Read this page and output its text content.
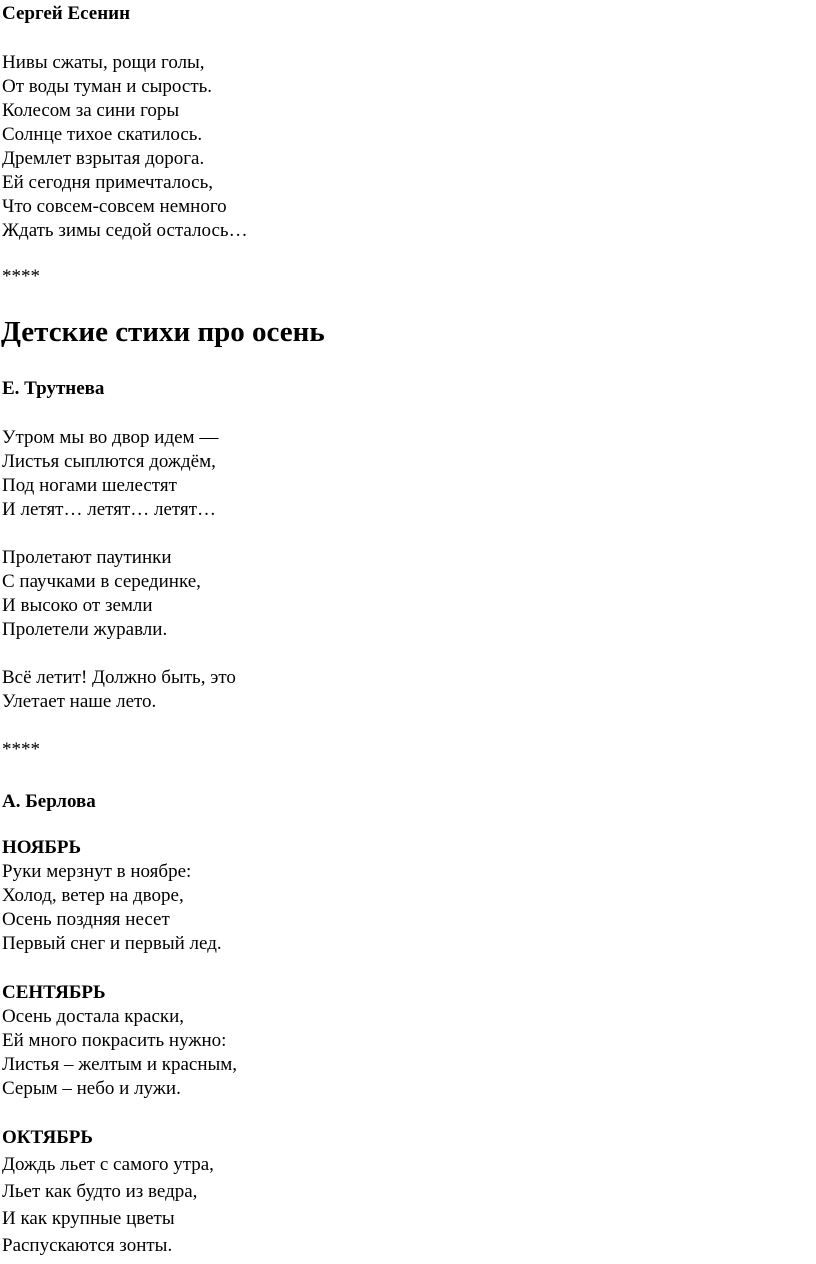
Сергей Есенин
Нивы сжаты, рощи голы,
От воды туман и сырость.
Колесом за сини горы
Солнце тихое скатилось.
Дремлет взрытая дорога.
Ей сегодня примечталось,
Что совсем-совсем немного
Ждать зимы седой осталось…
****
Детские стихи про осень
Е. Трутнева
Утром мы во двор идем —
Листья сыплются дождём,
Под ногами шелестят
И летят… летят… летят…
Пролетают паутинки
С паучками в серединке,
И высоко от земли
Пролетели журавли.
Всё летит! Должно быть, это
Улетает наше лето.
****
А. Берлова
НОЯБРЬ
Руки мерзнут в ноябре:
Холод, ветер на дворе,
Осень поздняя несет
Первый снег и первый лед.
СЕНТЯБРЬ
Осень достала краски,
Ей много покрасить нужно:
Листья – желтым и красным,
Серым – небо и лужи.
ОКТЯБРЬ
Дождь льет с самого утра,
Льет как будто из ведра,
И как крупные цветы
Распускаются зонты.
